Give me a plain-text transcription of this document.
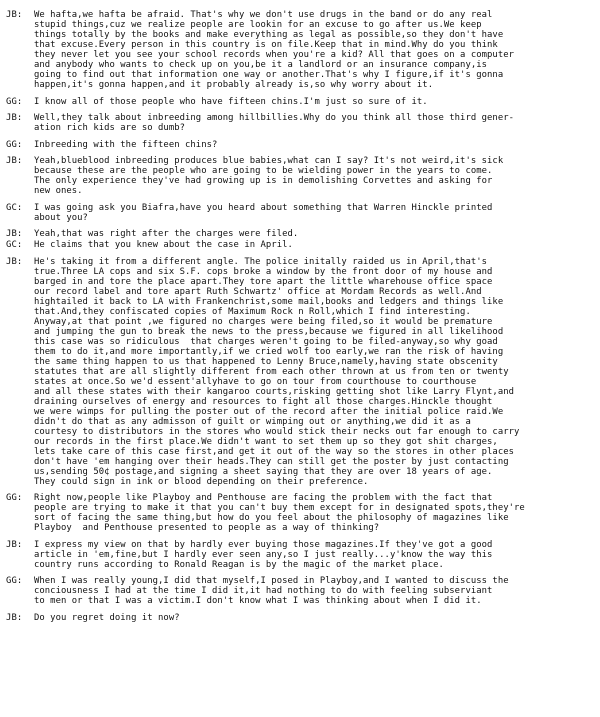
JB:	We hafta,we hafta be afraid. That's why we don't use drugs in the band or do any real
stupid things,cuz we realize people are lookin for an excuse to go after us.We keep
things totally by the books and make everything as legal as possible,so they don't have
that excuse.Every person in this country is on file.Keep that in mind.Why do you think
they never let you see your school records when you're a kid? All that goes on a computer
and anybody who wants to check up on you,be it a landlord or an insurance company,is
going to find out that information one way or another.That's why I figure,if it's gonna
happen,it's gonna happen,and it probably already is,so why worry about it.
GG:	I know all of those people who have fifteen chins.I'm just so sure of it.
JB:	Well,they talk about inbreeding among hillbillies.Why do you think all those third gener-
ation rich kids are so dumb?
GG:	Inbreeding with the fifteen chins?
JB:	Yeah,blueblood inbreeding produces blue babies,what can I say? It's not weird,it's sick
because these are the people who are going to be wielding power in the years to come.
The only experience they've had growing up is in demolishing Corvettes and asking for
new ones.
GC:	I was going ask you Biafra,have you heard about something that Warren Hinckle printed
about you?
JB:	Yeah,that was right after the charges were filed.
GC:	He claims that you knew about the case in April.
JB:	He's taking it from a different angle. The police initally raided us in April,that's
true.Three LA cops and six S.F. cops broke a window by the front door of my house and
barged in and tore the place apart.They tore apart the little wharehouse office space
our record label and tore apart Ruth Schwartz' office at Mordam Records as well.And
hightailed it back to LA with Frankenchrist,some mail,books and ledgers and things like
that.And,they confiscated copies of Maximum Rock n Roll,which I find interesting.
Anyway,at that point ,we figured no charges were being filed,so it would be premature
and jumping the gun to break the news to the press,because we figured in all likelihood
this case was so ridiculous  that charges weren't going to be filed-anyway,so why goad
them to do it,and more importantly,if we cried wolf too early,we ran the risk of having
the same thing happen to us that happened to Lenny Bruce,namely,having state obscenity
statutes that are all slightly different from each other thrown at us from ten or twenty
states at once.So we'd essent'allyhave to go on tour from courthouse to courthouse
and all these states with their kangaroo courts,risking getting shot like Larry Flynt,and
draining ourselves of energy and resources to fight all those charges.Hinckle thought
we were wimps for pulling the poster out of the record after the initial police raid.We
didn't do that as any admisson of guilt or wimping out or anything,we did it as a
courtesy to distributors in the stores who would stick their necks out far enough to carry
our records in the first place.We didn't want to set them up so they got shit charges,
lets take care of this case first,and get it out of the way so the stores in other places
don't have 'em hanging over their heads.They can still get the poster by just contacting
us,sending 50¢ postage,and signing a sheet saying that they are over 18 years of age.
They could sign in ink or blood depending on their preference.
GG:	Right now,people like Playboy and Penthouse are facing the problem with the fact that
people are trying to make it that you can't buy them except for in designated spots,they're
sort of facing the same thing,but how do you feel about the philosophy of magazines like
Playboy  and Penthouse presented to people as a way of thinking?
JB:	I express my view on that by hardly ever buying those magazines.If they've got a good
article in 'em,fine,but I hardly ever seen any,so I just really...y'know the way this
country runs according to Ronald Reagan is by the magic of the market place.
GG:	When I was really young,I did that myself,I posed in Playboy,and I wanted to discuss the
conciousness I had at the time I did it,it had nothing to do with feeling subserviant
to men or that I was a victim.I don't know what I was thinking about when I did it.
JB:	Do you regret doing it now?
